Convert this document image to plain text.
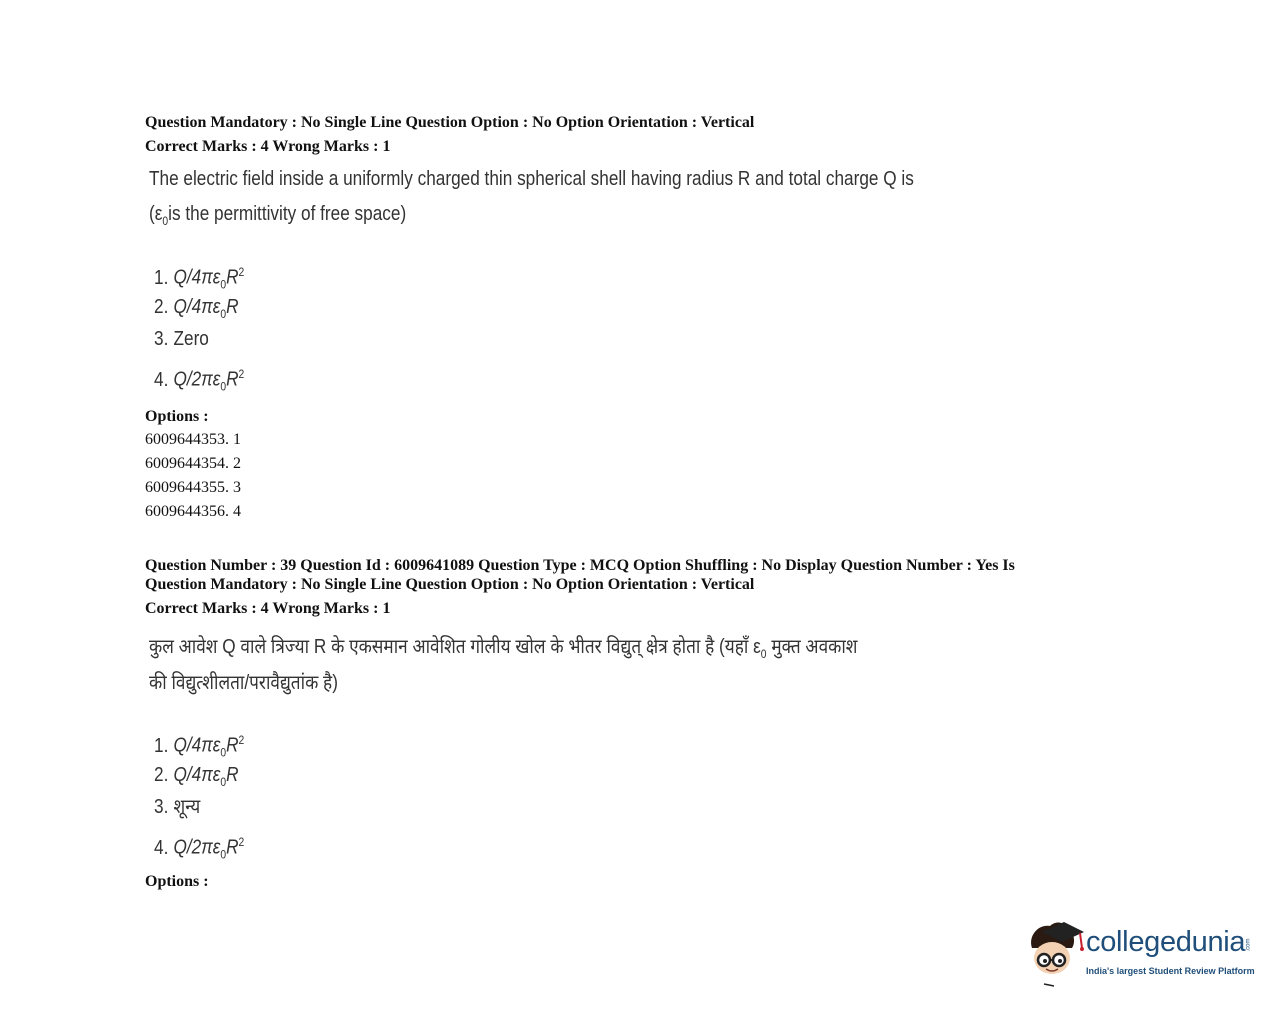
Question Mandatory : No Single Line Question Option : No Option Orientation : Vertical
Correct Marks : 4 Wrong Marks : 1
The electric field inside a uniformly charged thin spherical shell having radius R and total charge Q is
($\varepsilon_0is$ the permittivity of free space)
1. $Q/4\pi\varepsilon_0R^2$
2. $Q/4\pi\varepsilon_0R$
3. Zero
4. $Q/2\pi\varepsilon_0R^2$
Options :
6009644353. 1
6009644354. 2
6009644355. 3
6009644356. 4
Question Number : 39 Question Id : 6009641089 Question Type : MCQ Option Shuffling : No Display Question Number : Yes Is
Question Mandatory : No Single Line Question Option : No Option Orientation : Vertical
Correct Marks : 4 Wrong Marks : 1
कुल आवेश Q वाले त्रिज्या R के एकसमान आवेशित गोलीय खोल के भीतर विद्युत् क्षेत्र होता है (यहाँ $\varepsilon_0$ मुक्त अवकाश
की विद्युत्शीलता/परावैद्युतांक है)
1. $Q/4\pi\varepsilon_0R^2$
2. $Q/4\pi\varepsilon_0R$
3. शून्य
4. $Q/2\pi\varepsilon_0R^2$
Options :
collegedunia .com
India's largest Student Review Platform
